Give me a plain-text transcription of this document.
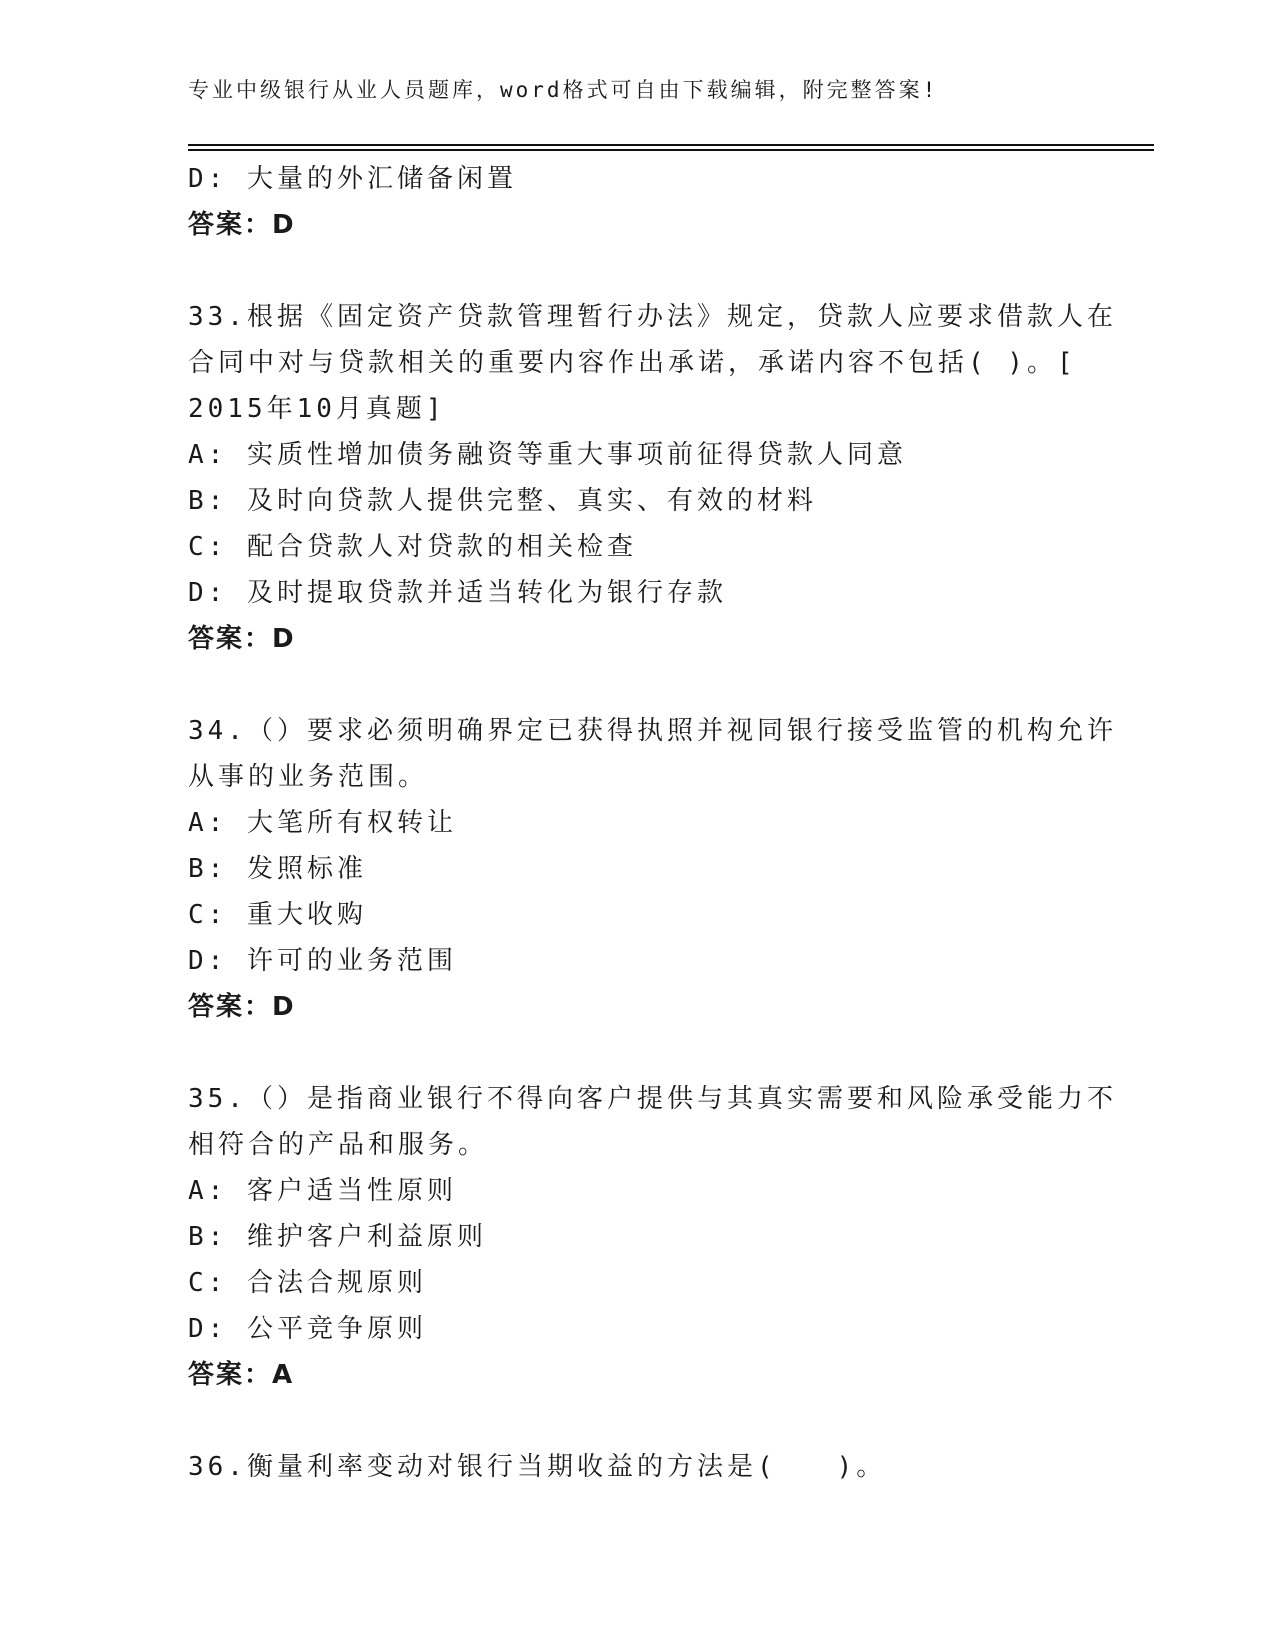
专业中级银行从业人员题库，word格式可自由下载编辑，附完整答案!
D: 大量的外汇储备闲置
答案：D
33.根据《固定资产贷款管理暂行办法》规定，贷款人应要求借款人在
合同中对与贷款相关的重要内容作出承诺，承诺内容不包括( )。[
2015年10月真题]
A: 实质性增加债务融资等重大事项前征得贷款人同意
B: 及时向贷款人提供完整、真实、有效的材料
C: 配合贷款人对贷款的相关检查
D: 及时提取贷款并适当转化为银行存款
答案：D
34.（）要求必须明确界定已获得执照并视同银行接受监管的机构允许
从事的业务范围。
A: 大笔所有权转让
B: 发照标准
C: 重大收购
D: 许可的业务范围
答案：D
35.（）是指商业银行不得向客户提供与其真实需要和风险承受能力不
相符合的产品和服务。
A: 客户适当性原则
B: 维护客户利益原则
C: 合法合规原则
D: 公平竞争原则
答案：A
36.衡量利率变动对银行当期收益的方法是(　　)。
